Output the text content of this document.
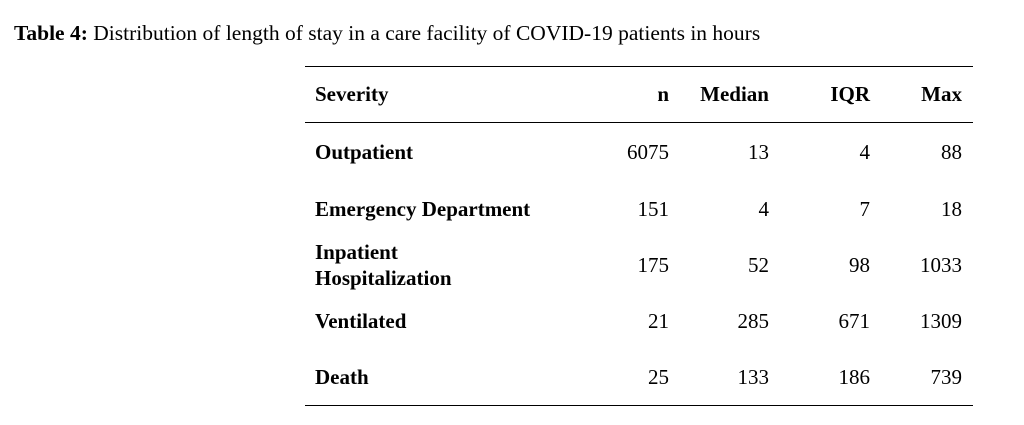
Table 4: Distribution of length of stay in a care facility of COVID-19 patients in hours
Severity	n	Median	IQR	Max
Outpatient	6075	13	4	88
Emergency Department	151	4	7	18

Inpatient
Hospitalization	175	52	98	1033
Ventilated	21	285	671	1309
Death	25	133	186	739
